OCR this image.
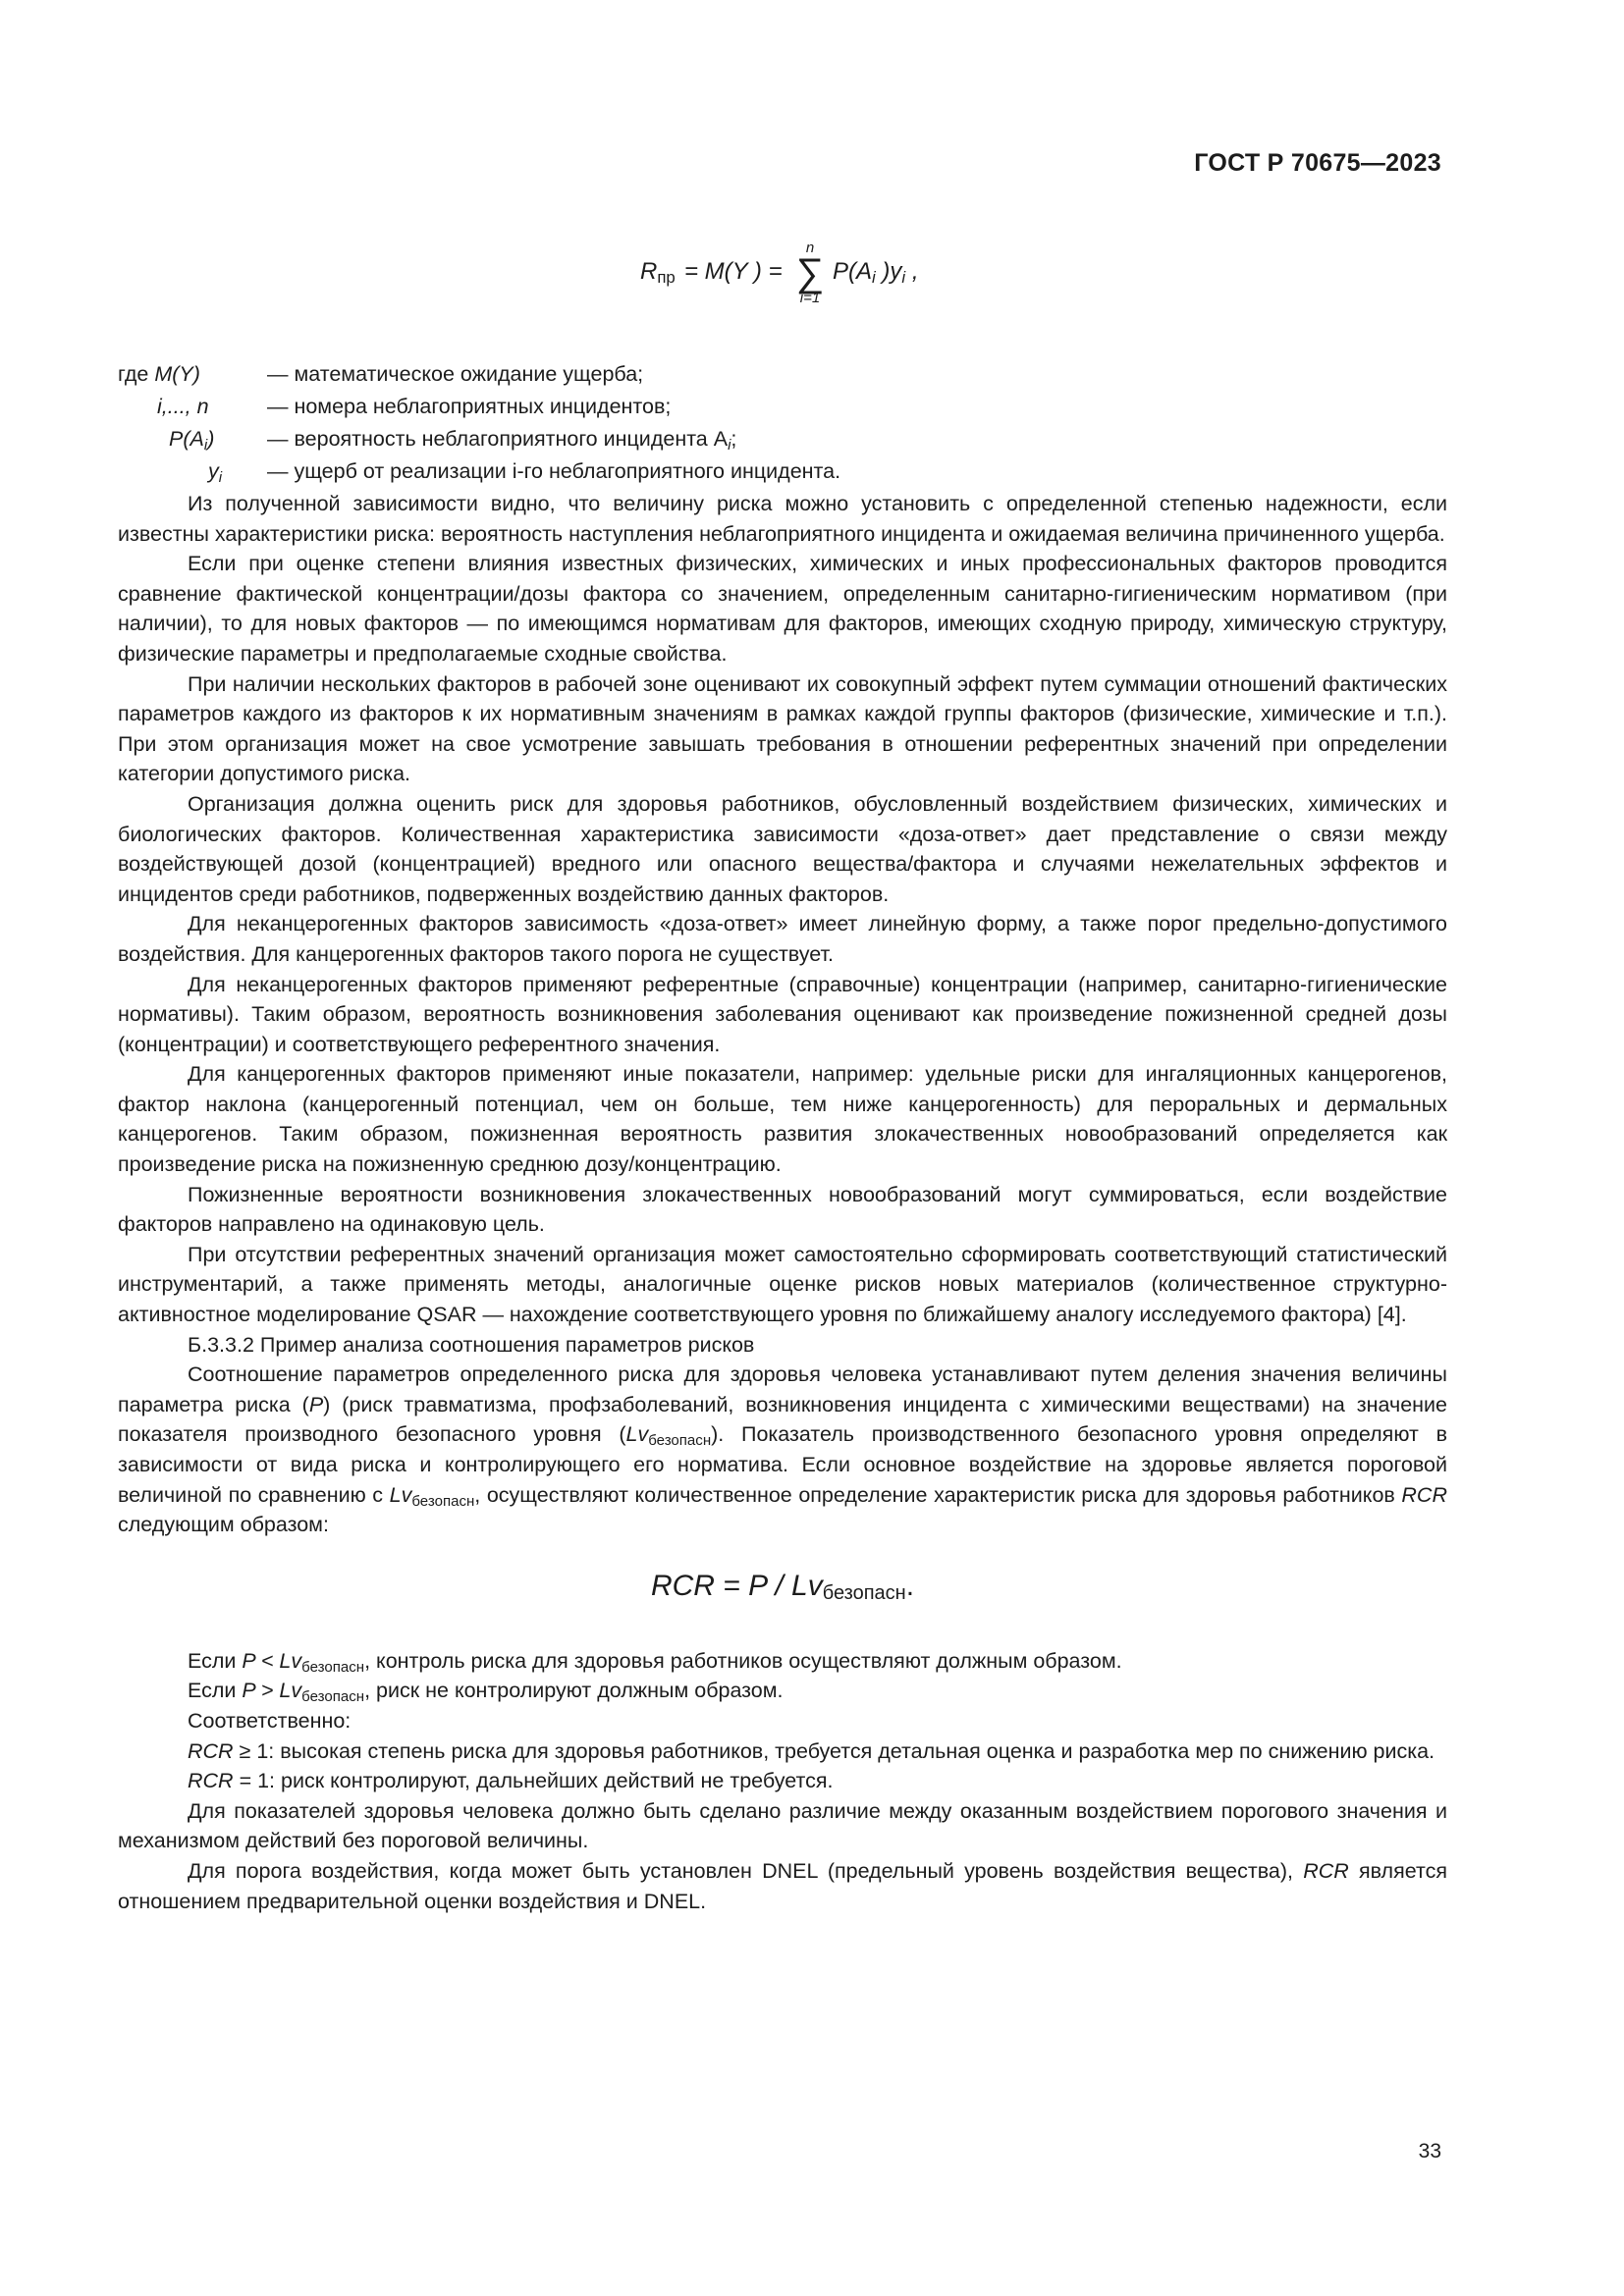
ГОСТ Р 70675—2023
$R_{пр} = M(Y$ ) =
n
∑
i=1
$P(A_i$ )$y_i$ ,
где M(Y)	— математическое ожидание ущерба;
i,..., n	— номера неблагоприятных инцидентов;
$P(A_i)$ — вероятность неблагоприятного инцидента $A_i$;
$y_i$ — ущерб от реализации i-го неблагоприятного инцидента.

Из полученной зависимости видно, что величину риска можно установить с определенной степенью надежности, если известны характеристики риска: вероятность наступления неблагоприятного инцидента и ожидаемая величина причиненного ущерба.

Если при оценке степени влияния известных физических, химических и иных профессиональных факторов проводится сравнение фактической концентрации/дозы фактора со значением, определенным санитарно-гигиеническим нормативом (при наличии), то для новых факторов — по имеющимся нормативам для факторов, имеющих сходную природу, химическую структуру, физические параметры и предполагаемые сходные свойства.

При наличии нескольких факторов в рабочей зоне оценивают их совокупный эффект путем суммации отношений фактических параметров каждого из факторов к их нормативным значениям в рамках каждой группы факторов (физические, химические и т.п.). При этом организация может на свое усмотрение завышать требования в отношении референтных значений при определении категории допустимого риска.

Организация должна оценить риск для здоровья работников, обусловленный воздействием физических, химических и биологических факторов. Количественная характеристика зависимости «доза-ответ» дает представление о связи между воздействующей дозой (концентрацией) вредного или опасного вещества/фактора и случаями нежелательных эффектов и инцидентов среди работников, подверженных воздействию данных факторов.

Для неканцерогенных факторов зависимость «доза-ответ» имеет линейную форму, а также порог предельно-допустимого воздействия. Для канцерогенных факторов такого порога не существует.

Для неканцерогенных факторов применяют референтные (справочные) концентрации (например, санитарно-гигиенические нормативы). Таким образом, вероятность возникновения заболевания оценивают как произведение пожизненной средней дозы (концентрации) и соответствующего референтного значения.

Для канцерогенных факторов применяют иные показатели, например: удельные риски для ингаляционных канцерогенов, фактор наклона (канцерогенный потенциал, чем он больше, тем ниже канцерогенность) для пероральных и дермальных канцерогенов. Таким образом, пожизненная вероятность развития злокачественных новообразований определяется как произведение риска на пожизненную среднюю дозу/концентрацию.

Пожизненные вероятности возникновения злокачественных новообразований могут суммироваться, если воздействие факторов направлено на одинаковую цель.

При отсутствии референтных значений организация может самостоятельно сформировать соответствующий статистический инструментарий, а также применять методы, аналогичные оценке рисков новых материалов (количественное структурно-активностное моделирование QSAR — нахождение соответствующего уровня по ближайшему аналогу исследуемого фактора) [4].

Б.3.3.2 Пример анализа соотношения параметров рисков

Соотношение параметров определенного риска для здоровья человека устанавливают путем деления значения величины параметра риска (P) (риск травматизма, профзаболеваний, возникновения инцидента с химическими веществами) на значение показателя производного безопасного уровня $(Lv_{безопасн})$. Показатель производственного безопасного уровня определяют в зависимости от вида риска и контролирующего его норматива. Если основное воздействие на здоровье является пороговой величиной по сравнению с $Lv_{безопасн}$, осуществляют количественное определение характеристик риска для здоровья работников RCR следующим образом:

RCR = P / $Lv_{безопасн}$.

Если $P < Lv_{безопасн}$, контроль риска для здоровья работников осуществляют должным образом.

Если $P > Lv_{безопасн}$, риск не контролируют должным образом.

Соответственно:

RCR ≥ 1: высокая степень риска для здоровья работников, требуется детальная оценка и разработка мер по снижению риска.

RCR = 1: риск контролируют, дальнейших действий не требуется.

Для показателей здоровья человека должно быть сделано различие между оказанным воздействием порогового значения и механизмом действий без пороговой величины.

Для порога воздействия, когда может быть установлен DNEL (предельный уровень воздействия вещества), RCR является отношением предварительной оценки воздействия и DNEL.

33
